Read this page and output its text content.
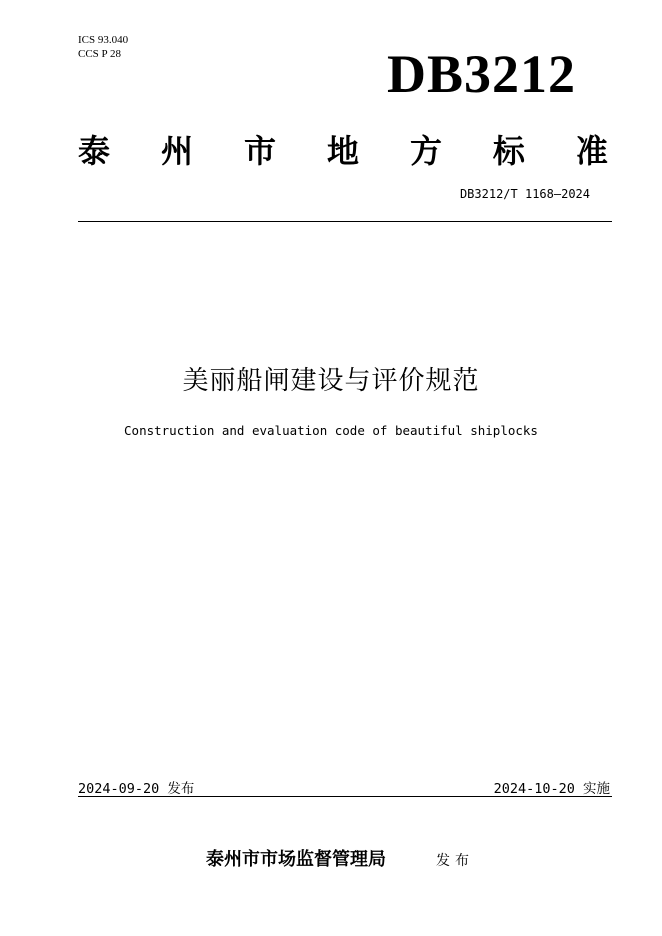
ICS 93.040
CCS P 28	DB3212
泰 州 市 地 方 标 准
DB3212/T 1168—2024
美丽船闸建设与评价规范
Construction and evaluation code of beautiful shiplocks
2024-09-20 发布	2024-10-20 实施
泰州市市场监督管理局	发布
